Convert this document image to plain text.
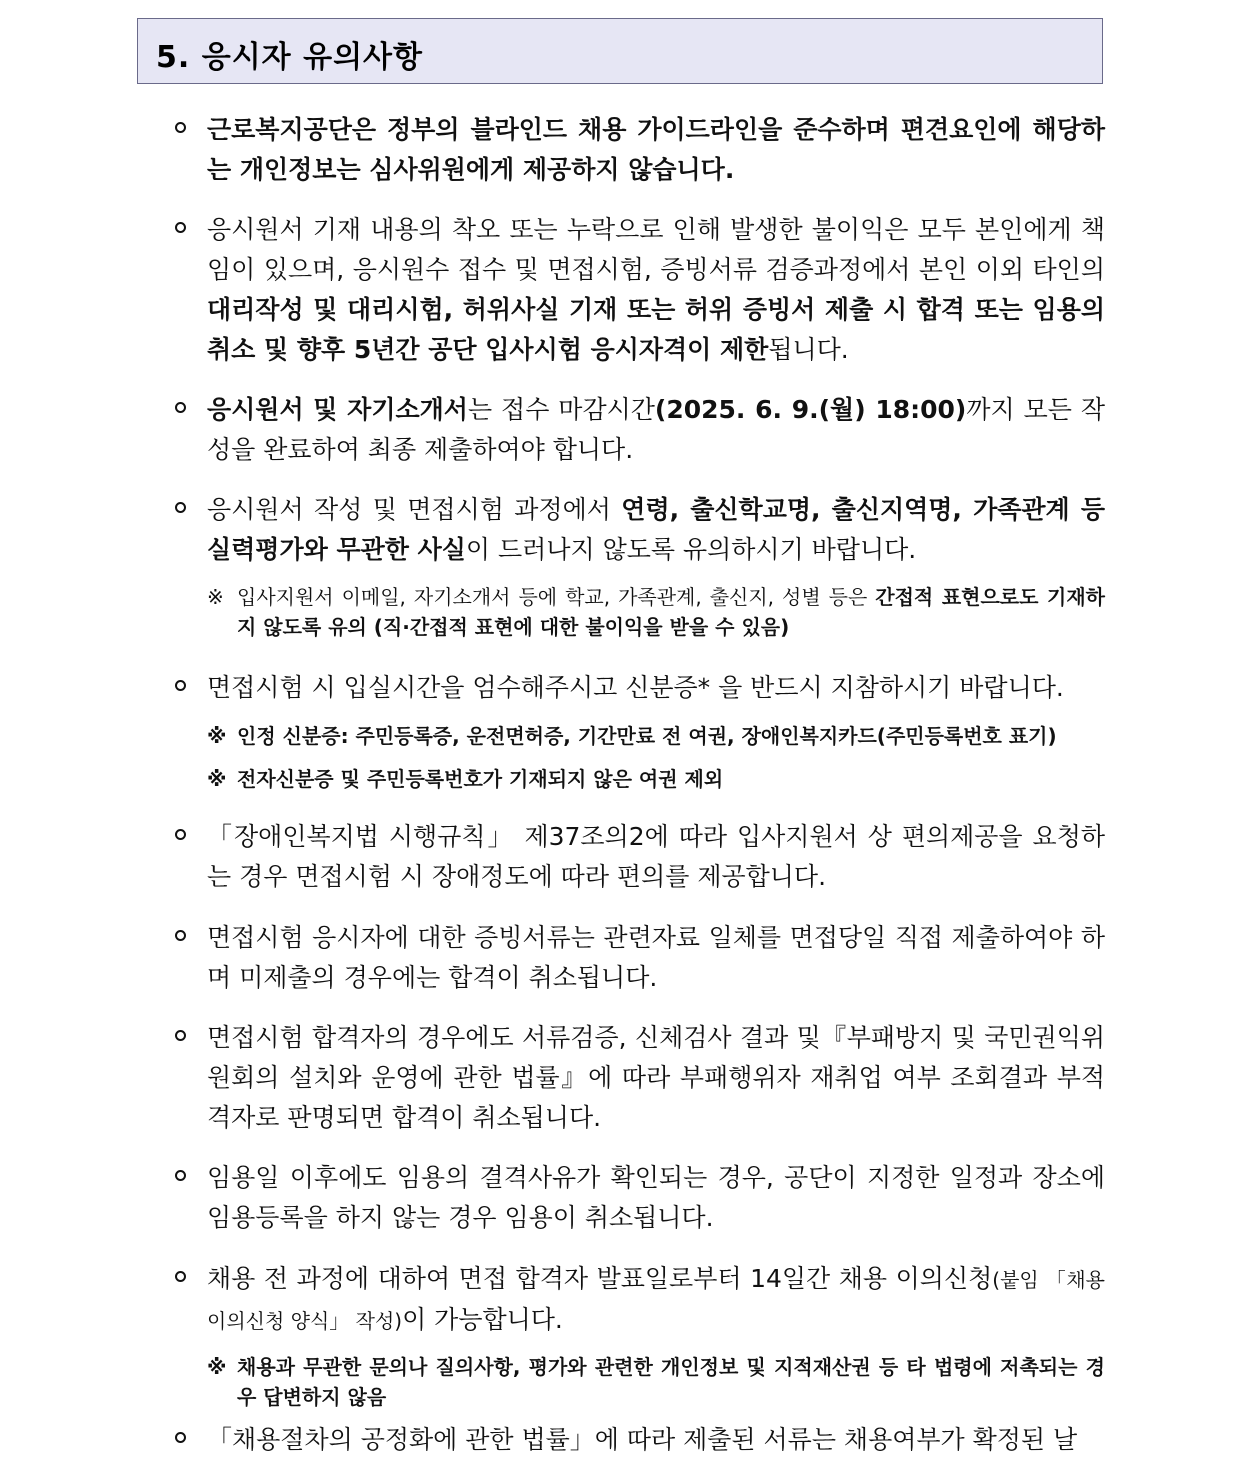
5. 응시자 유의사항
근로복지공단은 정부의 블라인드 채용 가이드라인을 준수하며 편견요인에 해당하는 개인정보는 심사위원에게 제공하지 않습니다.
응시원서 기재 내용의 착오 또는 누락으로 인해 발생한 불이익은 모두 본인에게 책임이 있으며, 응시원수 접수 및 면접시험, 증빙서류 검증과정에서 본인 이외 타인의 대리작성 및 대리시험, 허위사실 기재 또는 허위 증빙서 제출 시 합격 또는 임용의 취소 및 향후 5년간 공단 입사시험 응시자격이 제한됩니다.
응시원서 및 자기소개서는 접수 마감시간(2025. 6. 9.(월) 18:00)까지 모든 작성을 완료하여 최종 제출하여야 합니다.
응시원서 작성 및 면접시험 과정에서 연령, 출신학교명, 출신지역명, 가족관계 등 실력평가와 무관한 사실이 드러나지 않도록 유의하시기 바랍니다.
※ 입사지원서 이메일, 자기소개서 등에 학교, 가족관계, 출신지, 성별 등은 간접적 표현으로도 기재하지 않도록 유의 (직·간접적 표현에 대한 불이익을 받을 수 있음)
면접시험 시 입실시간을 엄수해주시고 신분증* 을 반드시 지참하시기 바랍니다.
※ 인정 신분증: 주민등록증, 운전면허증, 기간만료 전 여권, 장애인복지카드(주민등록번호 표기)
※ 전자신분증 및 주민등록번호가 기재되지 않은 여권 제외
「장애인복지법 시행규칙」 제37조의2에 따라 입사지원서 상 편의제공을 요청하는 경우 면접시험 시 장애정도에 따라 편의를 제공합니다.
면접시험 응시자에 대한 증빙서류는 관련자료 일체를 면접당일 직접 제출하여야 하며 미제출의 경우에는 합격이 취소됩니다.
면접시험 합격자의 경우에도 서류검증, 신체검사 결과 및『부패방지 및 국민권익위원회의 설치와 운영에 관한 법률』에 따라 부패행위자 재취업 여부 조회결과 부적격자로 판명되면 합격이 취소됩니다.
임용일 이후에도 임용의 결격사유가 확인되는 경우, 공단이 지정한 일정과 장소에 임용등록을 하지 않는 경우 임용이 취소됩니다.
채용 전 과정에 대하여 면접 합격자 발표일로부터 14일간 채용 이의신청(붙임 「채용 이의신청 양식」 작성)이 가능합니다.
※ 채용과 무관한 문의나 질의사항, 평가와 관련한 개인정보 및 지적재산권 등 타 법령에 저촉되는 경우 답변하지 않음
「채용절차의 공정화에 관한 법률」에 따라 제출된 서류는 채용여부가 확정된 날
